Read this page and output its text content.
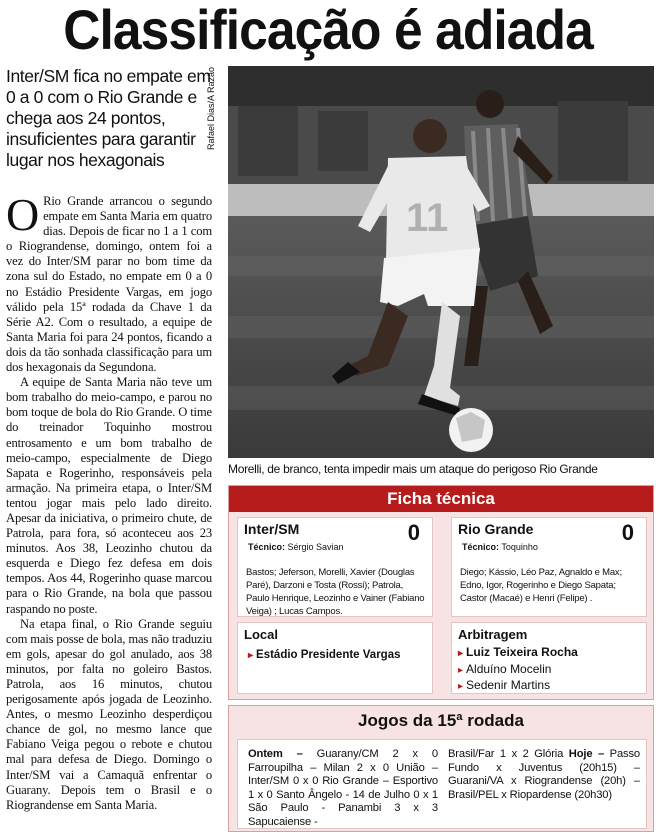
Classificação é adiada
Inter/SM fica no empate em 0 a 0 com o Rio Grande e chega aos 24 pontos, insuficientes para garantir lugar nos hexagonais
Rafael Dias/A Razão

O Rio Grande arrancou o segundo empate em Santa Maria em quatro dias. Depois de ficar no 1 a 1 com o Riograndense, domingo, ontem foi a vez do Inter/SM parar no bom time da zona sul do Estado, no empate em 0 a 0 no Estádio Presidente Vargas, em jogo válido pela 15ª rodada da Chave 1 da Série A2. Com o resultado, a equipe de Santa Maria foi para 24 pontos, ficando a dois da tão sonhada classificação para um dos hexagonais da Segundona.

A equipe de Santa Maria não teve um bom trabalho do meio-campo, e parou no bom toque de bola do Rio Grande. O time do treinador Toquinho mostrou entrosamento e um bom trabalho de meio-campo, especialmente de Diego Sapata e Rogerinho, responsáveis pela armação. Na primeira etapa, o Inter/SM tentou jogar mais pelo lado direito. Apesar da iniciativa, o primeiro chute, de Patrola, para fora, só aconteceu aos 23 minutos. Aos 38, Leozinho chutou da esquerda e Diego fez defesa em dois tempos. Aos 44, Rogerinho quase marcou para o Rio Grande, na bola que passou raspando no poste.

Na etapa final, o Rio Grande seguiu com mais posse de bola, mas não traduziu em gols, apesar do gol anulado, aos 38 minutos, por falta no goleiro Bastos. Patrola, aos 16 minutos, chutou perigosamente após jogada de Leozinho. Antes, o mesmo Leozinho desperdiçou chance de gol, no mesmo lance que Fabiano Veiga pegou o rebote e chutou mal para defesa de Diego. Domingo o Inter/SM vai a Camaquã enfrentar o Guarany. Depois tem o Brasil e o Riograndense em Santa Maria.

11
Morelli, de branco, tenta impedir mais um ataque do perigoso Rio Grande
Ficha técnica
Inter/SM	0
Técnico: Sérgio Savian
Bastos; Jeferson, Morelli, Xavier (Douglas Paré), Darzoni e Tosta (Rossi); Patrola, Paulo Henrique, Leozinho e Vainer (Fabiano Veiga) ; Lucas Campos.
Rio Grande	0
Técnico: Toquinho
Diego; Kássio, Léo Paz, Agnaldo e Max; Edno, Igor, Rogerinho e Diego Sapata; Castor (Macaé) e Henri (Felipe) .
Local
▸ Estádio Presidente Vargas
Arbitragem
▸ Luiz Teixeira Rocha
▸ Alduíno Mocelin
▸ Sedenir Martins
Jogos da 15ª rodada
Ontem – Guarany/CM 2 x 0 Farroupilha – Milan 2 x 0 União – Inter/SM 0 x 0 Rio Grande – Esportivo 1 x 0 Santo Ângelo - 14 de Julho 0 x 1 São Paulo - Panambi 3 x 3 Sapucaiense -
Brasil/Far 1 x 2 Glória Hoje – Passo Fundo x Juventus (20h15) – Guarani/VA x Riograndense (20h) – Brasil/PEL x Riopardense (20h30)
